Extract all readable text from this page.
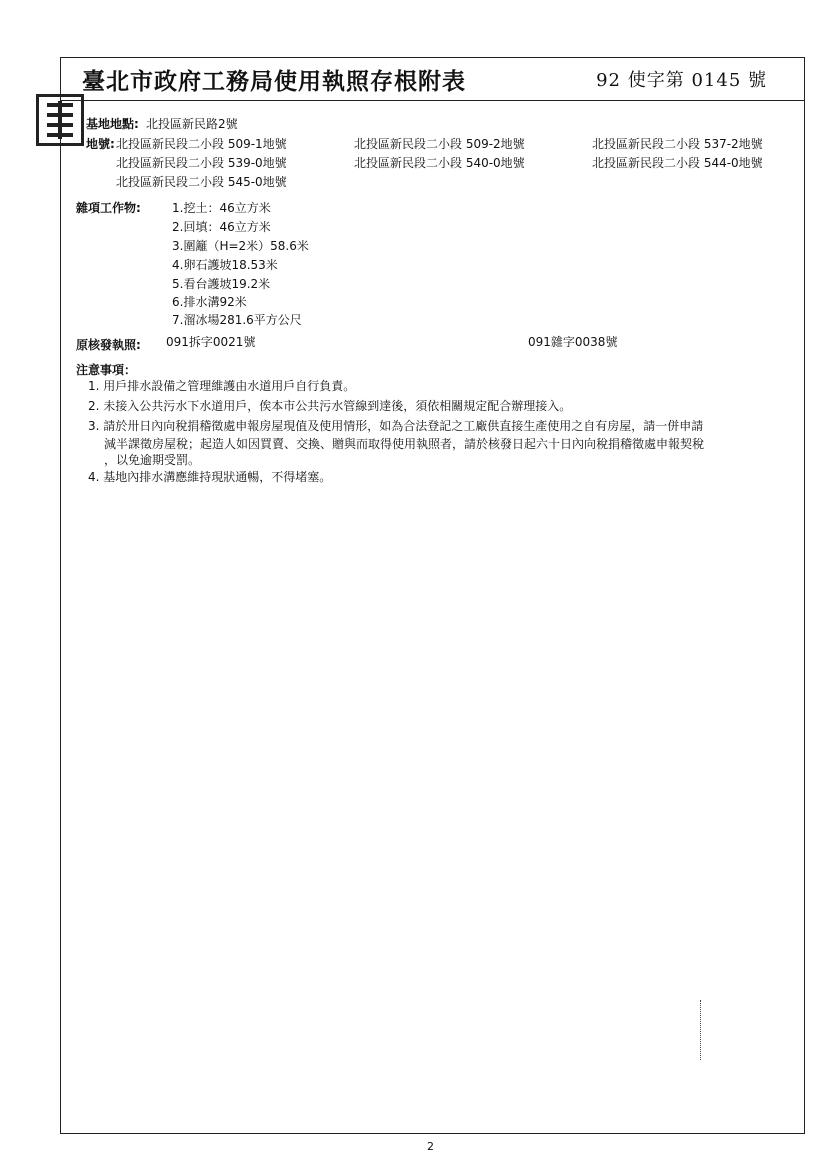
臺北市政府工務局使用執照存根附表	92 使字第 0145 號
基地地點: 北投區新民路2號
地號: 北投區新民段二小段 509-1地號	北投區新民段二小段 509-2地號	北投區新民段二小段 537-2地號
北投區新民段二小段 539-0地號	北投區新民段二小段 540-0地號	北投區新民段二小段 544-0地號
北投區新民段二小段 545-0地號
雜項工作物:	1.挖土：46立方米
2.回填：46立方米
3.圍籬（H=2米）58.6米
4.卵石護坡18.53米
5.看台護坡19.2米
6.排水溝92米
7.溜冰場281.6平方公尺
原核發執照: 091拆字0021號	091雜字0038號
注意事項：
1. 用戶排水設備之管理維護由水道用戶自行負責。
2. 未接入公共污水下水道用戶，俟本市公共污水管線到達後，須依相關規定配合辦理接入。
3. 請於卅日內向稅捐稽徵處申報房屋現值及使用情形，如為合法登記之工廠供直接生產使用之自有房屋，請一併申請
減半課徵房屋稅；起造人如因買賣、交換、贈與而取得使用執照者，請於核發日起六十日內向稅捐稽徵處申報契稅
，以免逾期受罰。
4. 基地內排水溝應維持現狀通暢，不得堵塞。
2
